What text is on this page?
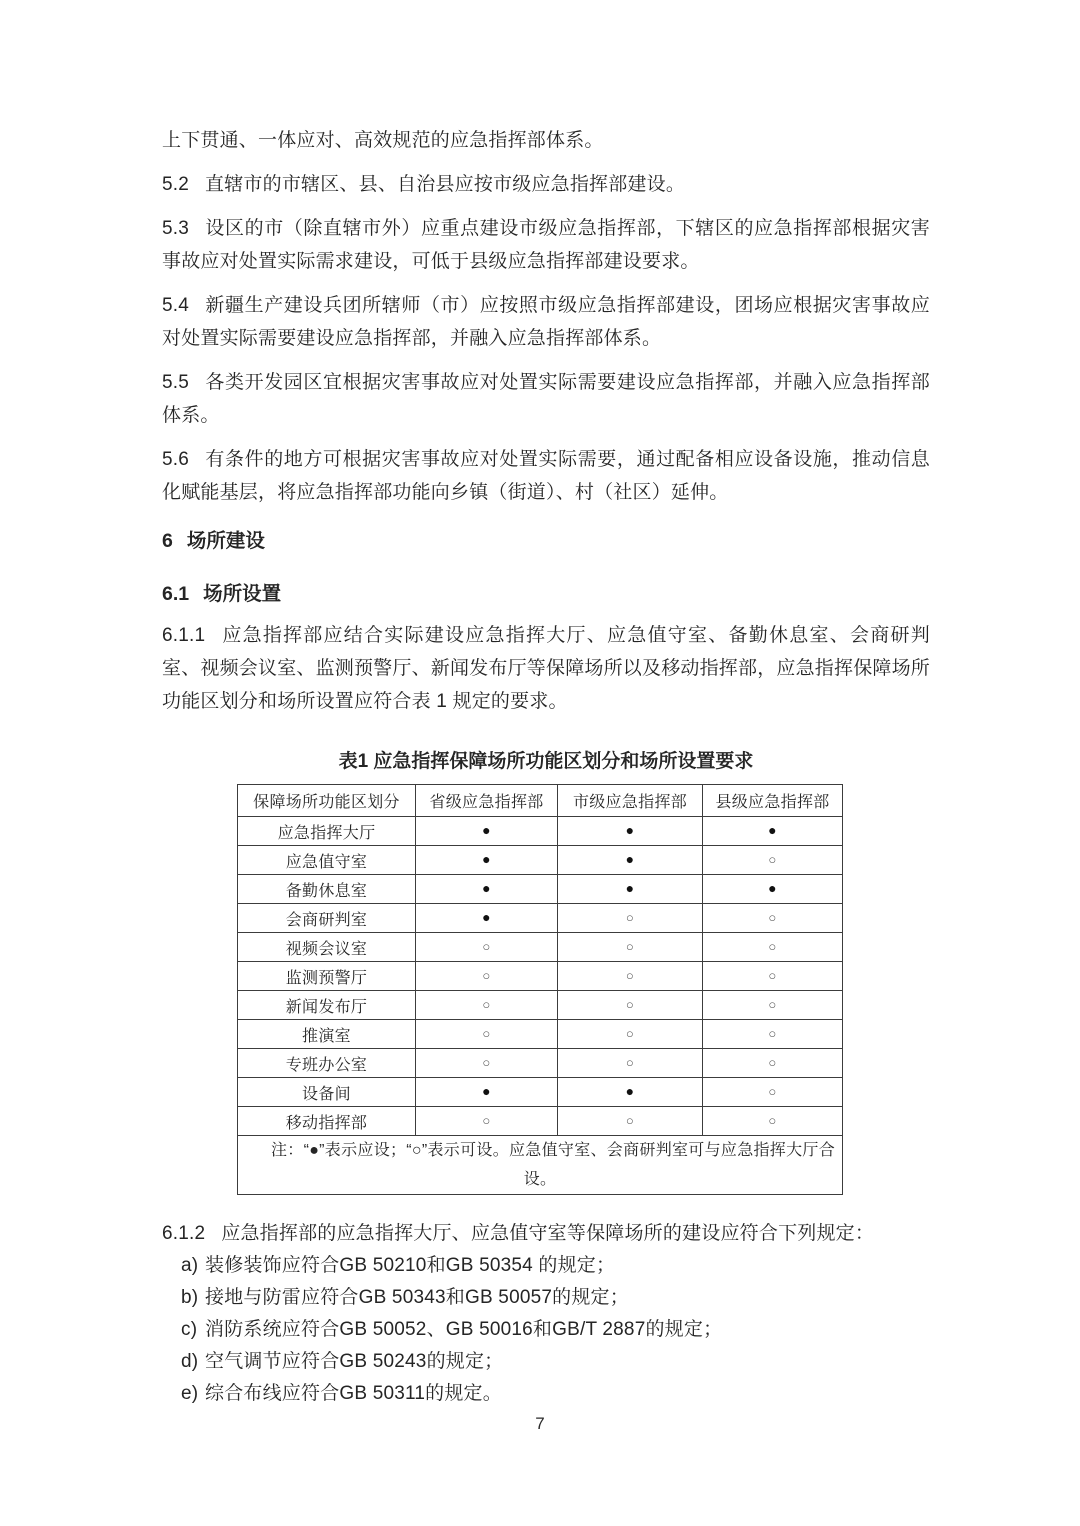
上下贯通、一体应对、高效规范的应急指挥部体系。

5.2 直辖市的市辖区、县、自治县应按市级应急指挥部建设。

5.3 设区的市（除直辖市外）应重点建设市级应急指挥部，下辖区的应急指挥部根据灾害事故应对处置实际需求建设，可低于县级应急指挥部建设要求。

5.4 新疆生产建设兵团所辖师（市）应按照市级应急指挥部建设，团场应根据灾害事故应对处置实际需要建设应急指挥部，并融入应急指挥部体系。

5.5 各类开发园区宜根据灾害事故应对处置实际需要建设应急指挥部，并融入应急指挥部体系。

5.6 有条件的地方可根据灾害事故应对处置实际需要，通过配备相应设备设施，推动信息化赋能基层，将应急指挥部功能向乡镇（街道）、村（社区）延伸。

6 场所建设
6.1 场所设置

6.1.1 应急指挥部应结合实际建设应急指挥大厅、应急值守室、备勤休息室、会商研判室、视频会议室、监测预警厅、新闻发布厅等保障场所以及移动指挥部，应急指挥保障场所功能区划分和场所设置应符合表 1 规定的要求。

表1 应急指挥保障场所功能区划分和场所设置要求
保障场所功能区划分	省级应急指挥部	市级应急指挥部	县级应急指挥部
应急指挥大厅	●	●	●
应急值守室	●	●	○
备勤休息室	●	●	●
会商研判室	●	○	○
视频会议室	○	○	○
监测预警厅	○	○	○
新闻发布厅	○	○	○
推演室	○	○	○
专班办公室	○	○	○
设备间	●	●	○
移动指挥部	○	○	○
注：“●”表示应设；“○”表示可设。应急值守室、会商研判室可与应急指挥大厅合设。			

6.1.2 应急指挥部的应急指挥大厅、应急值守室等保障场所的建设应符合下列规定：

a) 装修装饰应符合GB 50210和GB 50354 的规定；
b) 接地与防雷应符合GB 50343和GB 50057的规定；
c) 消防系统应符合GB 50052、GB 50016和GB/T 2887的规定；
d) 空气调节应符合GB 50243的规定；
e) 综合布线应符合GB 50311的规定。
7
